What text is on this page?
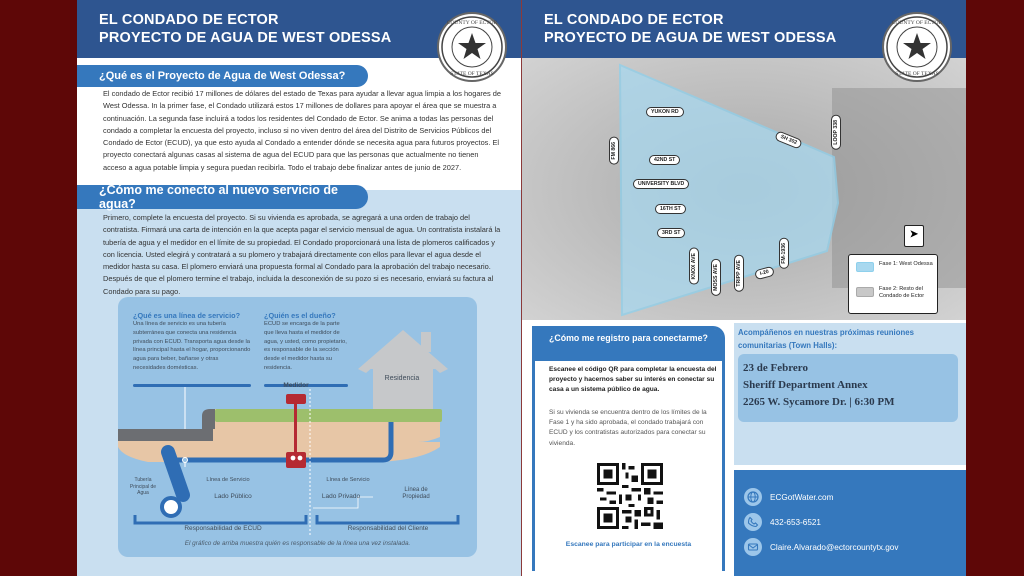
EL CONDADO DE ECTOR
PROYECTO DE AGUA DE WEST ODESSA
COUNTY OF ECTOR
STATE OF TEXAS
¿Qué es el Proyecto de Agua de West Odessa?
El condado de Ector recibió 17 millones de dólares del estado de Texas para ayudar a llevar agua limpia a los hogares de West Odessa. In la primer fase, el Condado utilizará estos 17 millones de dollares para apoyar el área que se muestra a continuación. La segunda fase incluirá a todos los residentes del Condado de Ector. Se anima a todas las personas del condado a completar la encuesta del proyecto, incluso si no viven dentro del área del Distrito de Servicios Públicos del Condado de Ector (ECUD), ya que esto ayuda al Condado a entender dónde se necesita agua para futuros proyectos. El proyecto conectará algunas casas al sistema de agua del ECUD para que las personas que actualmente no tienen acceso a agua potable limpia y segura puedan recibirla. Todo el trabajo debe finalizar antes de junio de 2027.
¿Cómo me conecto al nuevo servicio de agua?
Primero, complete la encuesta del proyecto. Si su vivienda es aprobada, se agregará a una orden de trabajo del contratista. Firmará una carta de intención en la que acepta pagar el servicio mensual de agua. Un contratista instalará la tubería de agua y el medidor en el límite de su propiedad. El Condado proporcionará una lista de plomeros calificados y con licencia. Usted elegirá y contratará a su plomero y trabajará directamente con ellos para llevar el agua desde el medidor hasta su casa. El plomero enviará una propuesta formal al Condado para la aprobación del trabajo necesario. Después de que el plomero termine el trabajo, incluida la desconexión de su pozo si es necesario, enviará su factura al Condado para su pago.
¿Qué es una línea de servicio?
Una línea de servicio es una tubería subterránea que conecta una residencia privada con ECUD. Transporta agua desde la línea principal hasta el hogar, proporcionando agua para beber, bañarse y otras necesidades domésticas.
¿Quién es el dueño?
ECUD se encarga de la parte que lleva hasta el medidor de agua, y usted, como propietario, es responsable de la sección desde el medidor hasta su residencia.
Residencia
Medidor
Tubería Principal de Agua
Línea de Servicio	Línea de Servicio
Lado Público	Lado Privado
Línea de Propiedad
Responsabilidad de ECUD	Responsabilidad del Cliente
El gráfico de arriba muestra quién es responsable de la línea una vez instalada.
YUKON RD
FM 866
42ND ST
UNIVERSITY BLVD
16TH ST
3RD ST
KNOX AVE	MOSS AVE	TRIPP AVE	I-20
FM-1936
SH 302	LOOP 338
➤
Fase 1: West Odessa
Fase 2: Resto del Condado de Ector
EL CONDADO DE ECTOR
PROYECTO DE AGUA DE WEST ODESSA
COUNTY OF ECTOR
STATE OF TEXAS
¿Cómo me registro para conectarme?
Escanee el código QR para completar la encuesta del proyecto y hacernos saber su interés en conectar su casa a un sistema público de agua.
Si su vivienda se encuentra dentro de los límites de la Fase 1 y ha sido aprobada, el condado trabajará con ECUD y los contratistas autorizados para conectar su vivienda.
Escanee para participar en la encuesta
Acompáñenos en nuestras próximas reuniones comunitarias (Town Halls):
23 de Febrero
Sheriff Department Annex
2265 W. Sycamore Dr. | 6:30 PM
ECGotWater.com
432-653-6521
Claire.Alvarado@ectorcountytx.gov
